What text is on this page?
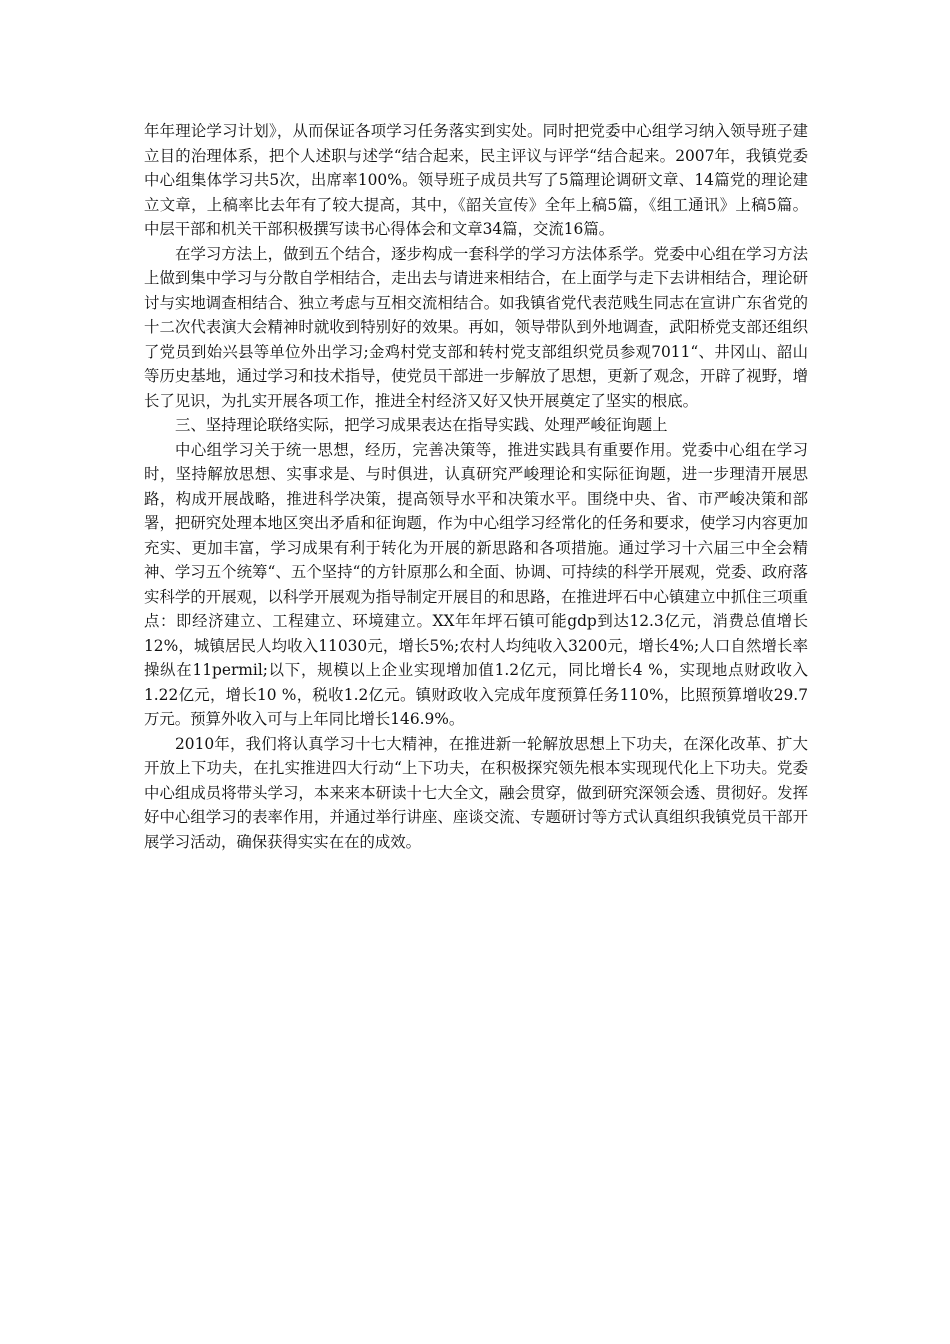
年年理论学习计划》，从而保证各项学习任务落实到实处。同时把党委中心组学习纳入领导班子建立目的治理体系，把个人述职与述学“结合起来，民主评议与评学“结合起来。2007年，我镇党委中心组集体学习共5次，出席率100%。领导班子成员共写了5篇理论调研文章、14篇党的理论建立文章，上稿率比去年有了较大提高，其中，《韶关宣传》全年上稿5篇，《组工通讯》上稿5篇。中层干部和机关干部积极撰写读书心得体会和文章34篇，交流16篇。

在学习方法上，做到五个结合，逐步构成一套科学的学习方法体系学。党委中心组在学习方法上做到集中学习与分散自学相结合，走出去与请进来相结合，在上面学与走下去讲相结合，理论研讨与实地调查相结合、独立考虑与互相交流相结合。如我镇省党代表范贱生同志在宣讲广东省党的十二次代表演大会精神时就收到特别好的效果。再如，领导带队到外地调查，武阳桥党支部还组织了党员到始兴县等单位外出学习;金鸡村党支部和转村党支部组织党员参观7011“、井冈山、韶山等历史基地，通过学习和技术指导，使党员干部进一步解放了思想，更新了观念，开辟了视野，增长了见识，为扎实开展各项工作，推进全村经济又好又快开展奠定了坚实的根底。

三、坚持理论联络实际，把学习成果表达在指导实践、处理严峻征询题上

中心组学习关于统一思想，经历，完善决策等，推进实践具有重要作用。党委中心组在学习时，坚持解放思想、实事求是、与时俱进，认真研究严峻理论和实际征询题，进一步理清开展思路，构成开展战略，推进科学决策，提高领导水平和决策水平。围绕中央、省、市严峻决策和部署，把研究处理本地区突出矛盾和征询题，作为中心组学习经常化的任务和要求，使学习内容更加充实、更加丰富，学习成果有利于转化为开展的新思路和各项措施。通过学习十六届三中全会精神、学习五个统筹“、五个坚持“的方针原那么和全面、协调、可持续的科学开展观，党委、政府落实科学的开展观，以科学开展观为指导制定开展目的和思路，在推进坪石中心镇建立中抓住三项重点：即经济建立、工程建立、环境建立。XX年年坪石镇可能gdp到达12.3亿元，消费总值增长12%，城镇居民人均收入11030元，增长5%;农村人均纯收入3200元，增长4%;人口自然增长率操纵在11permil;以下，规模以上企业实现增加值1.2亿元，同比增长4 %，实现地点财政收入1.22亿元，增长10 %，税收1.2亿元。镇财政收入完成年度预算任务110%，比照预算增收29.7万元。预算外收入可与上年同比增长146.9%。

2010年，我们将认真学习十七大精神，在推进新一轮解放思想上下功夫，在深化改革、扩大开放上下功夫，在扎实推进四大行动“上下功夫，在积极探究领先根本实现现代化上下功夫。党委中心组成员将带头学习，本来来本研读十七大全文，融会贯穿，做到研究深领会透、贯彻好。发挥好中心组学习的表率作用，并通过举行讲座、座谈交流、专题研讨等方式认真组织我镇党员干部开展学习活动，确保获得实实在在的成效。
